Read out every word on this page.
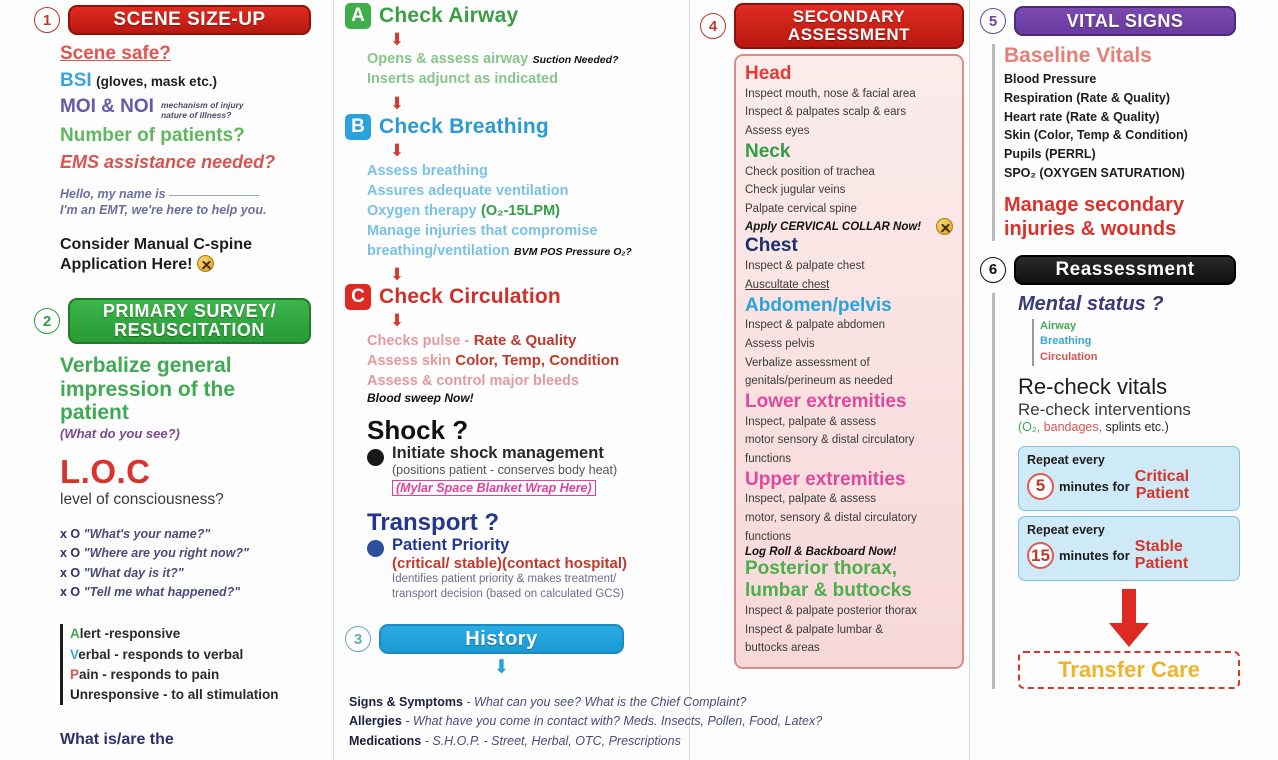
1	SCENE SIZE-UP
Scene safe?
BSI (gloves, mask etc.)
MOI & NOI mechanism of injury
nature of illness?
Number of patients?
EMS assistance needed?
Hello, my name is
I'm an EMT, we're here to help you.
Consider Manual C-spine
Application Here!
2	PRIMARY SURVEY/
RESUSCITATION
Verbalize general
impression of the
patient
(What do you see?)
L.O.C
level of consciousness?
x O "What's your name?"
x O "Where are you right now?"
x O "What day is it?"
x O "Tell me what happened?"
Alert -responsive
Verbal - responds to verbal
Pain - responds to pain
Unresponsive - to all stimulation
What is/are the
A Check Airway
⬇
Opens & assess airway Suction Needed?
Inserts adjunct as indicated
⬇
B Check Breathing
⬇
Assess breathing
Assures adequate ventilation
Oxygen therapy (O₂-15LPM)
Manage injuries that compromise
breathing/ventilation BVM POS Pressure O₂?
⬇
C Check Circulation
⬇
Checks pulse - Rate & Quality
Assess skin Color, Temp, Condition
Assess & control major bleeds
Blood sweep Now!
Shock ?
Initiate shock management
(positions patient - conserves body heat)
(Mylar Space Blanket Wrap Here)
Transport ?
Patient Priority
(critical/ stable)(contact hospital)
Identifies patient priority & makes treatment/
transport decision (based on calculated GCS)
3	History
⬇
Signs & Symptoms - What can you see? What is the Chief Complaint?
Allergies - What have you come in contact with? Meds. Insects, Pollen, Food, Latex?
Medications - S.H.O.P. - Street, Herbal, OTC, Prescriptions
4	SECONDARY
ASSESSMENT
Head
Inspect mouth, nose & facial area
Inspect & palpates scalp & ears
Assess eyes
Neck
Check position of trachea
Check jugular veins
Palpate cervical spine
Apply CERVICAL COLLAR Now!
Chest
Inspect & palpate chest
Auscultate chest
Abdomen/pelvis
Inspect & palpate abdomen
Assess pelvis
Verbalize assessment of
genitals/perineum as needed
Lower extremities
Inspect, palpate & assess
motor sensory & distal circulatory
functions
Upper extremities
Inspect, palpate & assess
motor, sensory & distal circulatory
functions
Log Roll & Backboard Now!
Posterior thorax,
lumbar & buttocks
Inspect & palpate posterior thorax
Inspect & palpate lumbar &
buttocks areas
5	VITAL SIGNS
Baseline Vitals
Blood Pressure
Respiration (Rate & Quality)
Heart rate (Rate & Quality)
Skin (Color, Temp & Condition)
Pupils (PERRL)
SPO₂ (OXYGEN SATURATION)
Manage secondary
injuries & wounds
6	Reassessment
Mental status ?
Airway
Breathing
Circulation
Re-check vitals
Re-check interventions
(O₂, bandages, splints etc.)
Repeat every
5	minutes for
Critical
Patient
Repeat every
15 minutes for
Stable
Patient
Transfer Care
